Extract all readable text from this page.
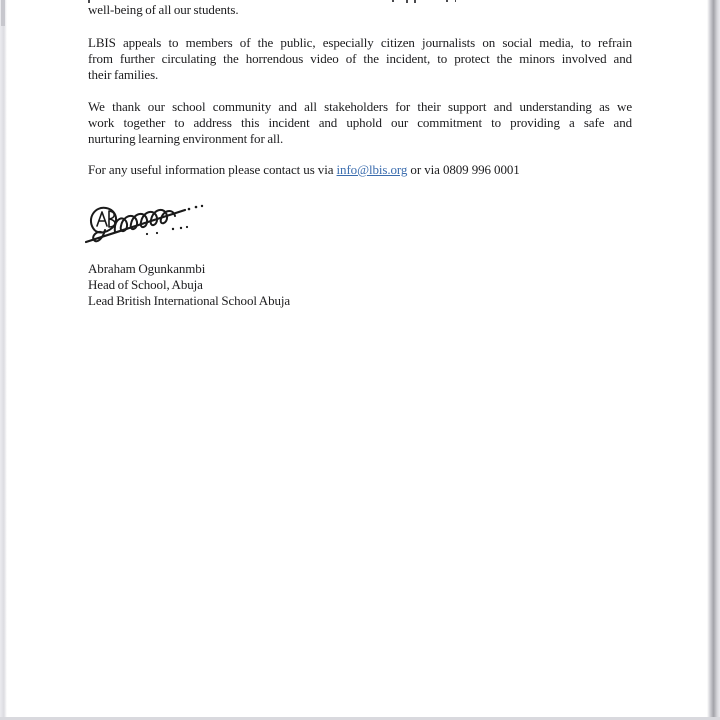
well-being of all our students.
LBIS appeals to members of the public, especially citizen journalists on social media, to refrain
from further circulating the horrendous video of the incident, to protect the minors involved and
their families.
We thank our school community and all stakeholders for their support and understanding as we
work together to address this incident and uphold our commitment to providing a safe and
nurturing learning environment for all.
For any useful information please contact us via info@lbis.org or via 0809 996 0001
Abraham Ogunkanmbi
Head of School, Abuja
Lead British International School Abuja
